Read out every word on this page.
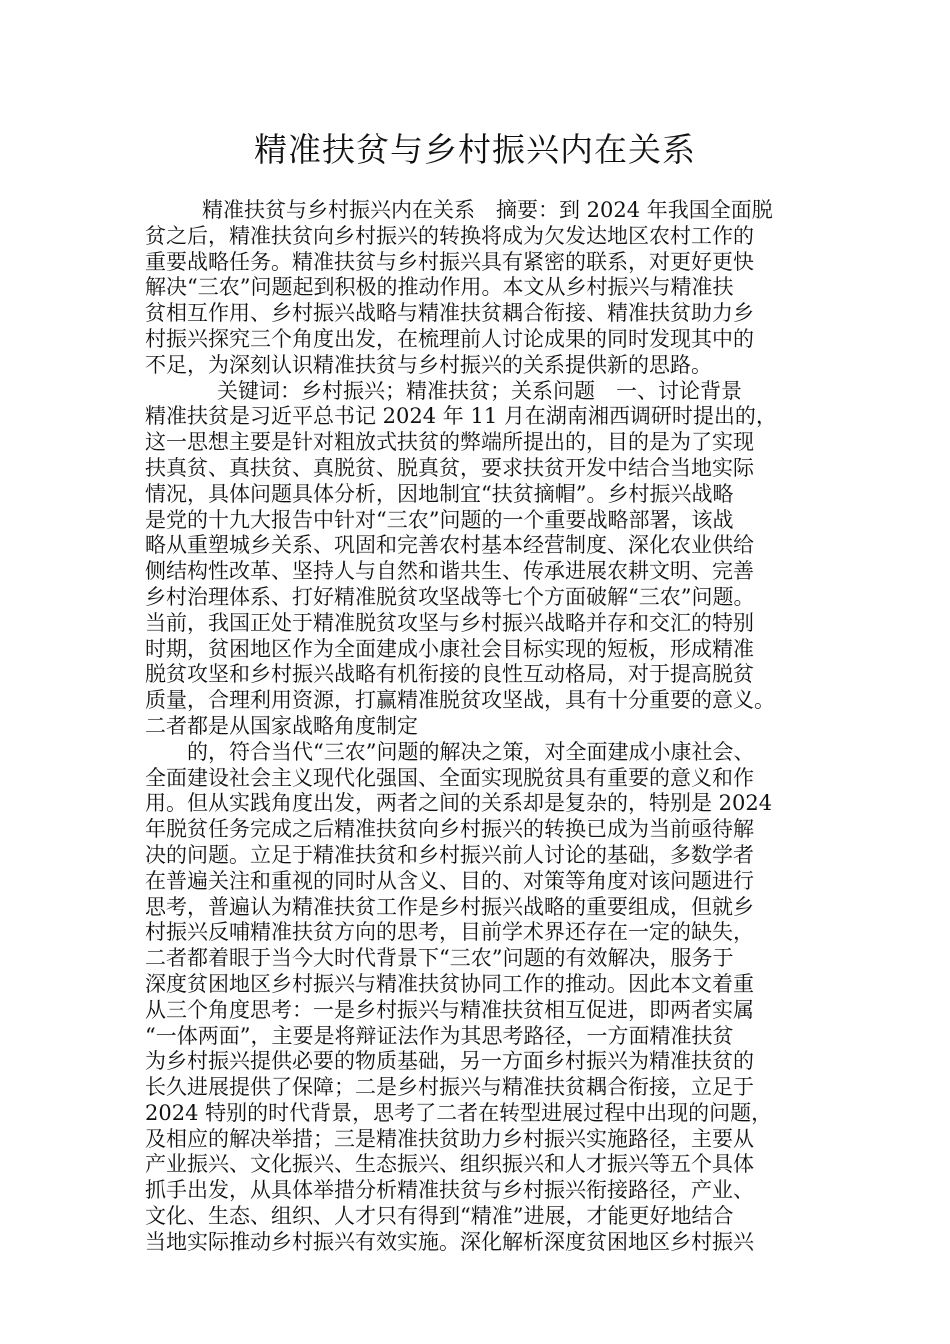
精准扶贫与乡村振兴内在关系
精准扶贫与乡村振兴内在关系　摘要：到 2024 年我国全面脱
贫之后，精准扶贫向乡村振兴的转换将成为欠发达地区农村工作的
重要战略任务。精准扶贫与乡村振兴具有紧密的联系，对更好更快
解决“三农”问题起到积极的推动作用。本文从乡村振兴与精准扶
贫相互作用、乡村振兴战略与精准扶贫耦合衔接、精准扶贫助力乡
村振兴探究三个角度出发，在梳理前人讨论成果的同时发现其中的
不足，为深刻认识精准扶贫与乡村振兴的关系提供新的思路。
关键词：乡村振兴；精准扶贫；关系问题　一、讨论背景
精准扶贫是习近平总书记 2024 年 11 月在湖南湘西调研时提出的，
这一思想主要是针对粗放式扶贫的弊端所提出的，目的是为了实现
扶真贫、真扶贫、真脱贫、脱真贫，要求扶贫开发中结合当地实际
情况，具体问题具体分析，因地制宜“扶贫摘帽”。乡村振兴战略
是党的十九大报告中针对“三农”问题的一个重要战略部署，该战
略从重塑城乡关系、巩固和完善农村基本经营制度、深化农业供给
侧结构性改革、坚持人与自然和谐共生、传承进展农耕文明、完善
乡村治理体系、打好精准脱贫攻坚战等七个方面破解“三农”问题。
当前，我国正处于精准脱贫攻坚与乡村振兴战略并存和交汇的特别
时期，贫困地区作为全面建成小康社会目标实现的短板，形成精准
脱贫攻坚和乡村振兴战略有机衔接的良性互动格局，对于提高脱贫
质量，合理利用资源，打赢精准脱贫攻坚战，具有十分重要的意义。
二者都是从国家战略角度制定
的，符合当代“三农”问题的解决之策，对全面建成小康社会、
全面建设社会主义现代化强国、全面实现脱贫具有重要的意义和作
用。但从实践角度出发，两者之间的关系却是复杂的，特别是 2024
年脱贫任务完成之后精准扶贫向乡村振兴的转换已成为当前亟待解
决的问题。立足于精准扶贫和乡村振兴前人讨论的基础，多数学者
在普遍关注和重视的同时从含义、目的、对策等角度对该问题进行
思考，普遍认为精准扶贫工作是乡村振兴战略的重要组成，但就乡
村振兴反哺精准扶贫方向的思考，目前学术界还存在一定的缺失，
二者都着眼于当今大时代背景下“三农”问题的有效解决，服务于
深度贫困地区乡村振兴与精准扶贫协同工作的推动。因此本文着重
从三个角度思考：一是乡村振兴与精准扶贫相互促进，即两者实属
“一体两面”，主要是将辩证法作为其思考路径，一方面精准扶贫
为乡村振兴提供必要的物质基础，另一方面乡村振兴为精准扶贫的
长久进展提供了保障；二是乡村振兴与精准扶贫耦合衔接，立足于
2024 特别的时代背景，思考了二者在转型进展过程中出现的问题，
及相应的解决举措；三是精准扶贫助力乡村振兴实施路径，主要从
产业振兴、文化振兴、生态振兴、组织振兴和人才振兴等五个具体
抓手出发，从具体举措分析精准扶贫与乡村振兴衔接路径，产业、
文化、生态、组织、人才只有得到“精准”进展，才能更好地结合
当地实际推动乡村振兴有效实施。深化解析深度贫困地区乡村振兴
